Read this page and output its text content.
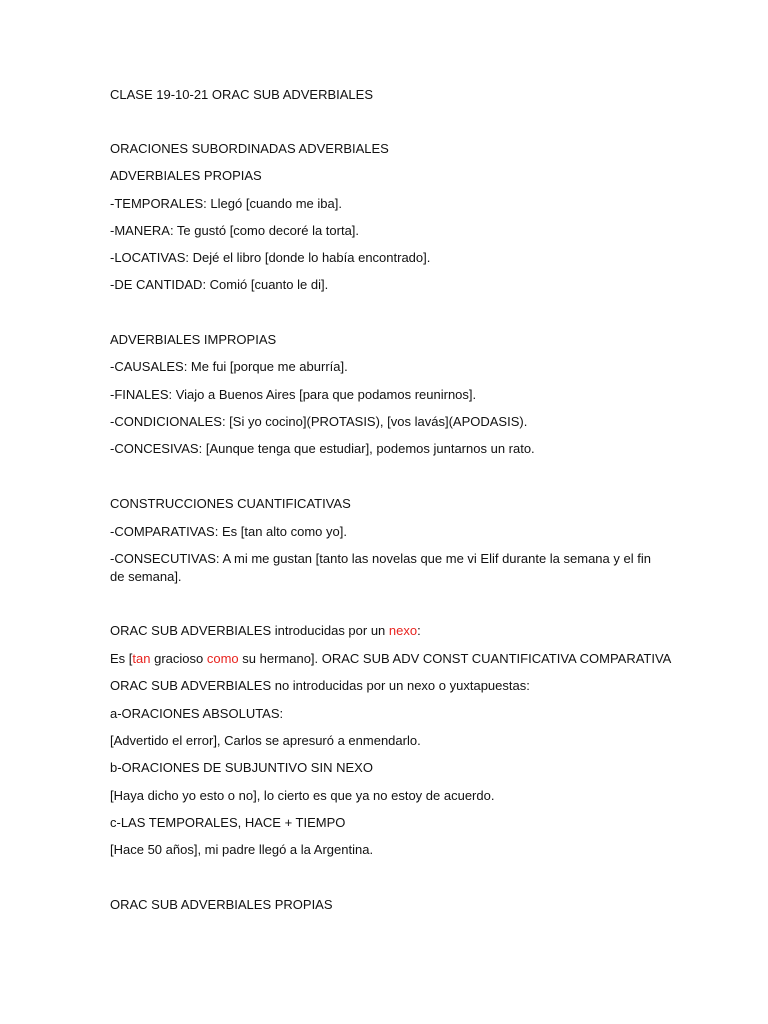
CLASE 19-10-21 ORAC SUB ADVERBIALES
ORACIONES SUBORDINADAS ADVERBIALES
ADVERBIALES PROPIAS
-TEMPORALES: Llegó [cuando me iba].
-MANERA: Te gustó [como decoré la torta].
-LOCATIVAS: Dejé el libro [donde lo había encontrado].
-DE CANTIDAD: Comió [cuanto le di].
ADVERBIALES IMPROPIAS
-CAUSALES: Me fui [porque me aburría].
-FINALES: Viajo a Buenos Aires [para que podamos reunirnos].
-CONDICIONALES: [Si yo cocino](PROTASIS), [vos lavás](APODASIS).
-CONCESIVAS: [Aunque tenga que estudiar], podemos juntarnos un rato.
CONSTRUCCIONES CUANTIFICATIVAS
-COMPARATIVAS: Es [tan alto como yo].
-CONSECUTIVAS: A mi me gustan [tanto las novelas que me vi Elif durante la semana y el fin de semana].
ORAC SUB ADVERBIALES introducidas por un nexo:
Es [tan gracioso como su hermano]. ORAC SUB ADV CONST CUANTIFICATIVA COMPARATIVA
ORAC SUB ADVERBIALES no introducidas por un nexo o yuxtapuestas:
a-ORACIONES ABSOLUTAS:
[Advertido el error], Carlos se apresuró a enmendarlo.
b-ORACIONES DE SUBJUNTIVO SIN NEXO
[Haya dicho yo esto o no], lo cierto es que ya no estoy de acuerdo.
c-LAS TEMPORALES, HACE + TIEMPO
[Hace 50 años], mi padre llegó a la Argentina.
ORAC SUB ADVERBIALES PROPIAS
